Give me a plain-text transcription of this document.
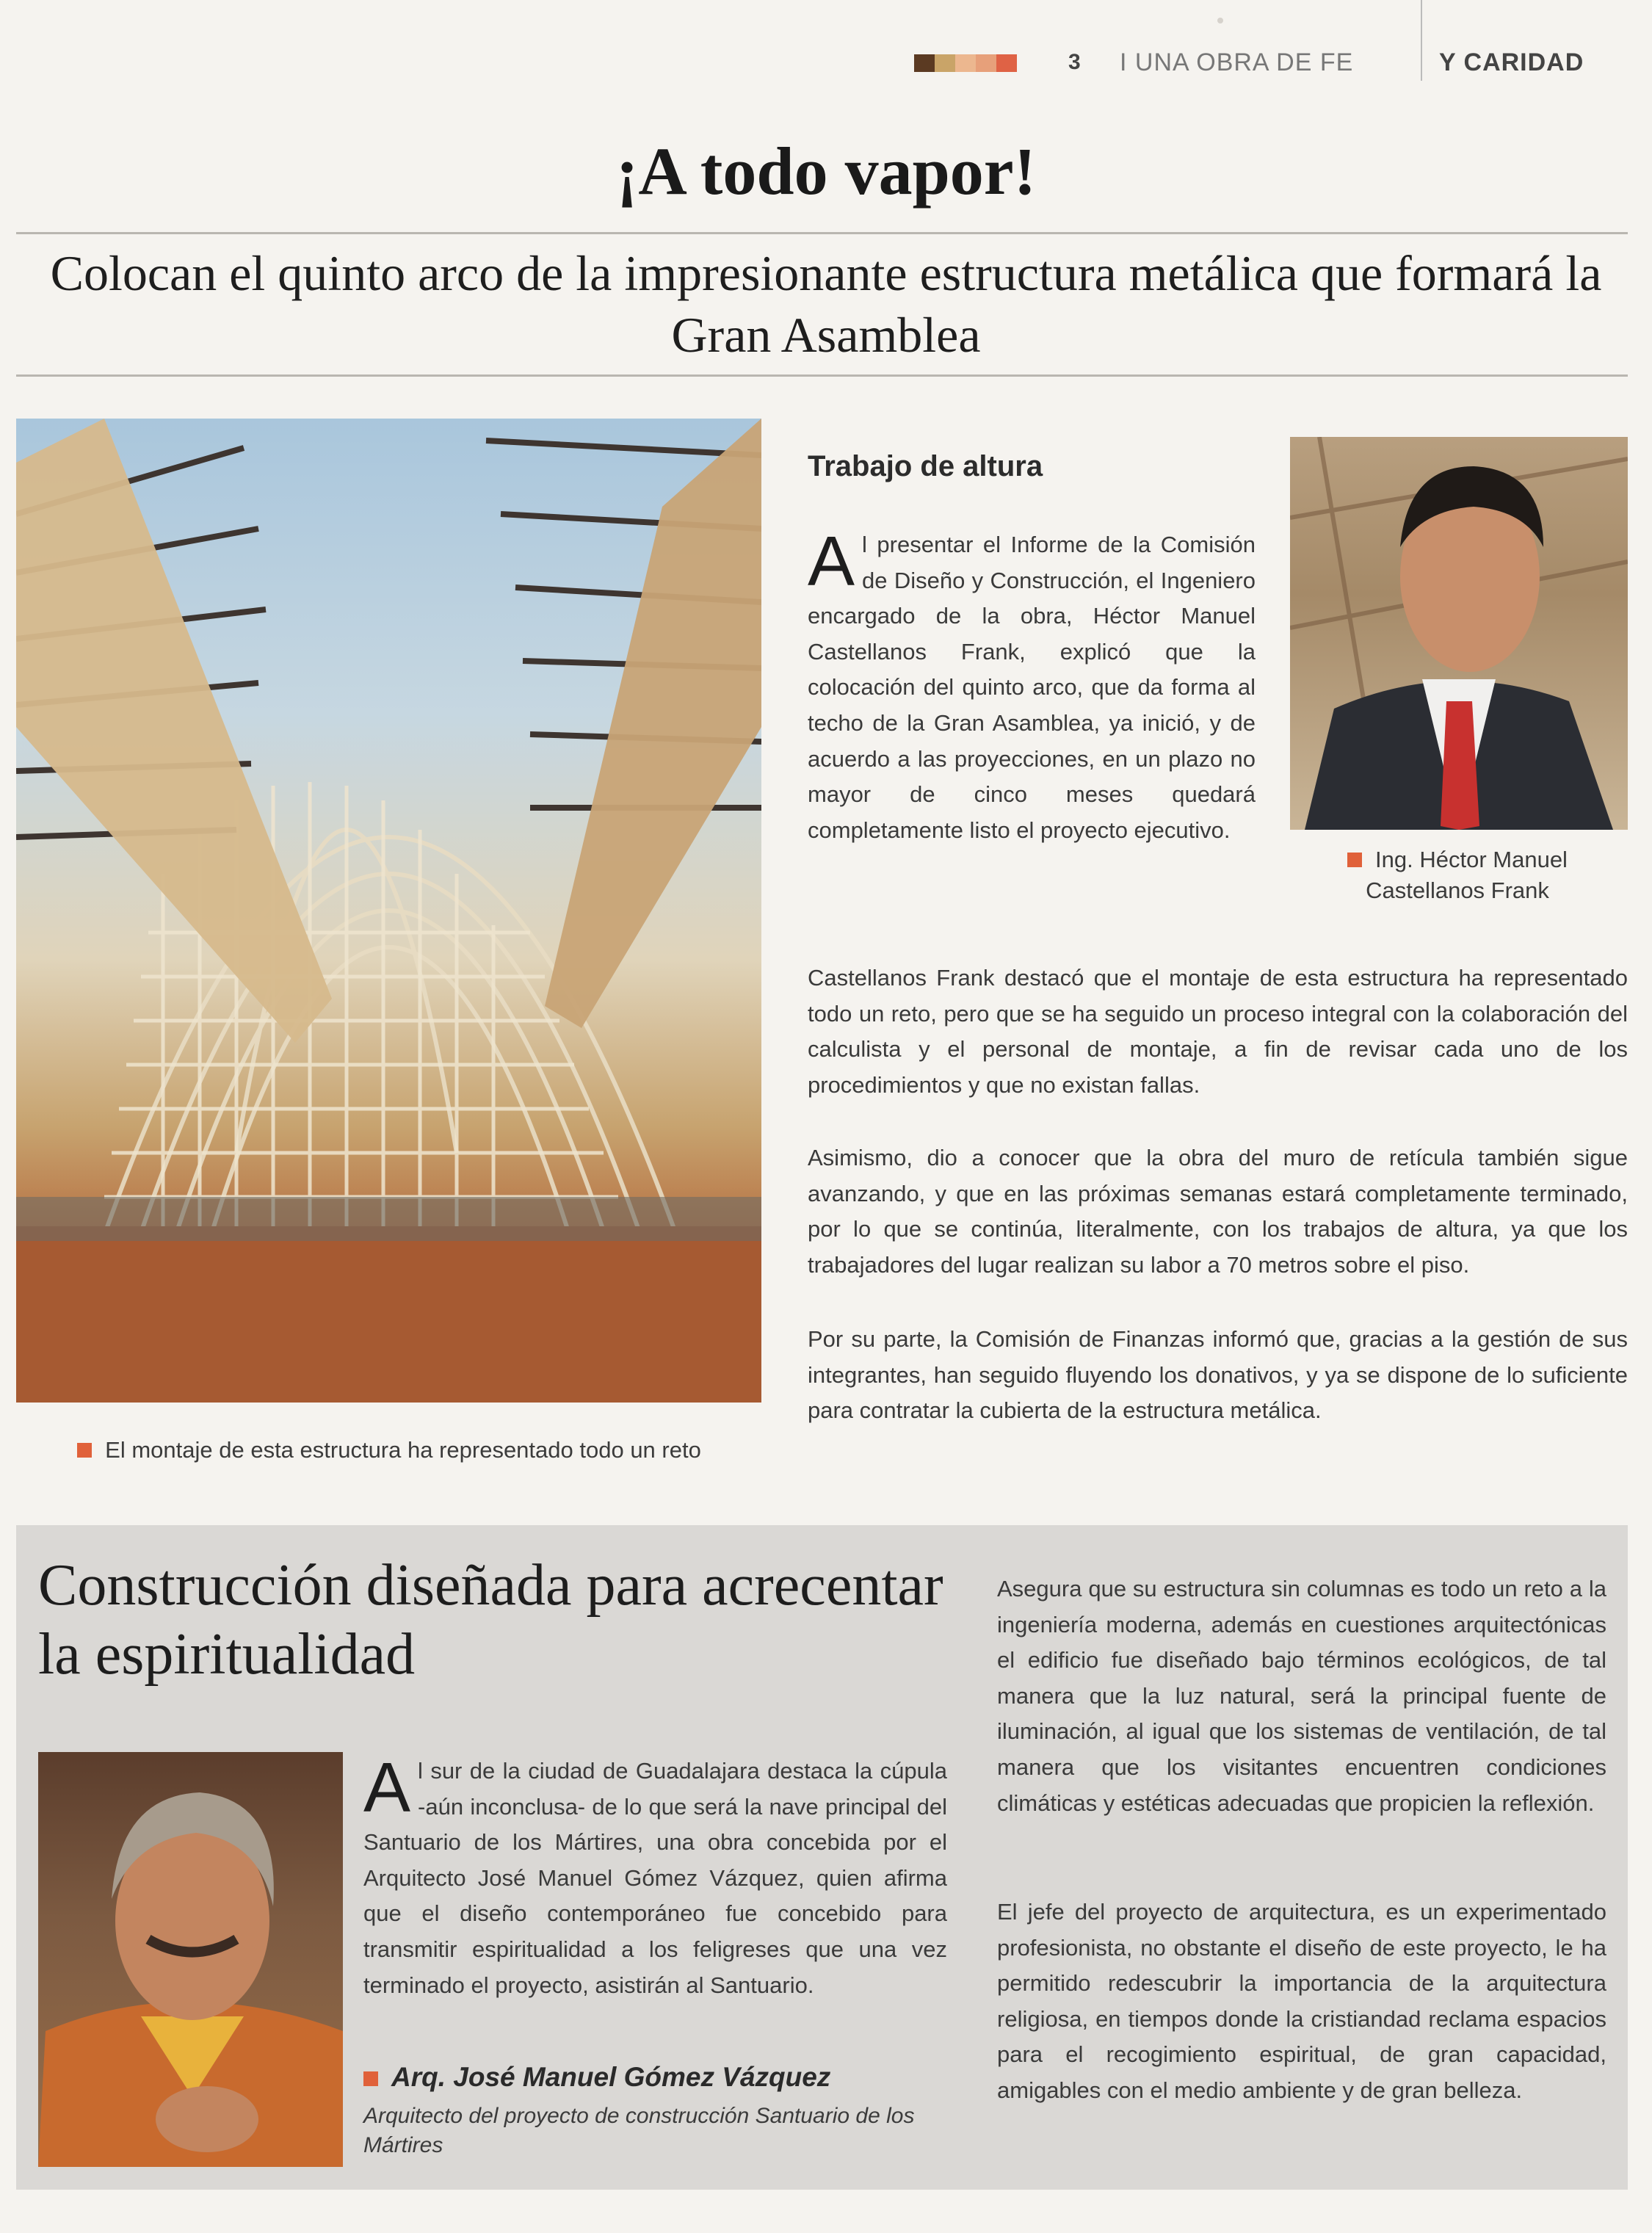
3 I UNA OBRA DE FE	Y CARIDAD
¡A todo vapor!
Colocan el quinto arco de la impresionante estructura metálica que formará la Gran Asamblea
El montaje de esta estructura ha representado todo un reto
Trabajo de altura
Al presentar el Informe de la Comisión de Diseño y Construcción, el Ingeniero encargado de la obra, Héctor Manuel Castellanos Frank, explicó que la colocación del quinto arco, que da forma al techo de la Gran Asamblea, ya inició, y de acuerdo a las proyecciones, en un plazo no mayor de cinco meses quedará completamente listo el proyecto ejecutivo.
Ing. Héctor Manuel Castellanos Frank
Castellanos Frank destacó que el montaje de esta estructura ha representado todo un reto, pero que se ha seguido un proceso integral con la colaboración del calculista y el personal de montaje, a fin de revisar cada uno de los procedimientos y que no existan fallas.
Asimismo, dio a conocer que la obra del muro de retícula también sigue avanzando, y que en las próximas semanas estará completamente terminado, por lo que se continúa, literalmente, con los trabajos de altura, ya que los trabajadores del lugar realizan su labor a 70 metros sobre el piso.
Por su parte, la Comisión de Finanzas informó que, gracias a la gestión de sus integrantes, han seguido fluyendo los donativos, y ya se dispone de lo suficiente para contratar la cubierta de la estructura metálica.
Construcción diseñada para acrecentar la espiritualidad
Al sur de la ciudad de Guadalajara destaca la cúpula -aún inconclusa- de lo que será la nave principal del Santuario de los Mártires, una obra concebida por el Arquitecto José Manuel Gómez Vázquez, quien afirma que el diseño contemporáneo fue concebido para transmitir espiritualidad a los feligreses que una vez terminado el proyecto, asistirán al Santuario.
Arq. José Manuel Gómez Vázquez
Arquitecto del proyecto de construcción Santuario de los Mártires
Asegura que su estructura sin columnas es todo un reto a la ingeniería moderna, además en cuestiones arquitectónicas el edificio fue diseñado bajo términos ecológicos, de tal manera que la luz natural, será la principal fuente de iluminación, al igual que los sistemas de ventilación, de tal manera que los visitantes encuentren condiciones climáticas y estéticas adecuadas que propicien la reflexión.
El jefe del proyecto de arquitectura, es un experimentado profesionista, no obstante el diseño de este proyecto, le ha permitido redescubrir la importancia de la arquitectura religiosa, en tiempos donde la cristiandad reclama espacios para el recogimiento espiritual, de gran capacidad, amigables con el medio ambiente y de gran belleza.
